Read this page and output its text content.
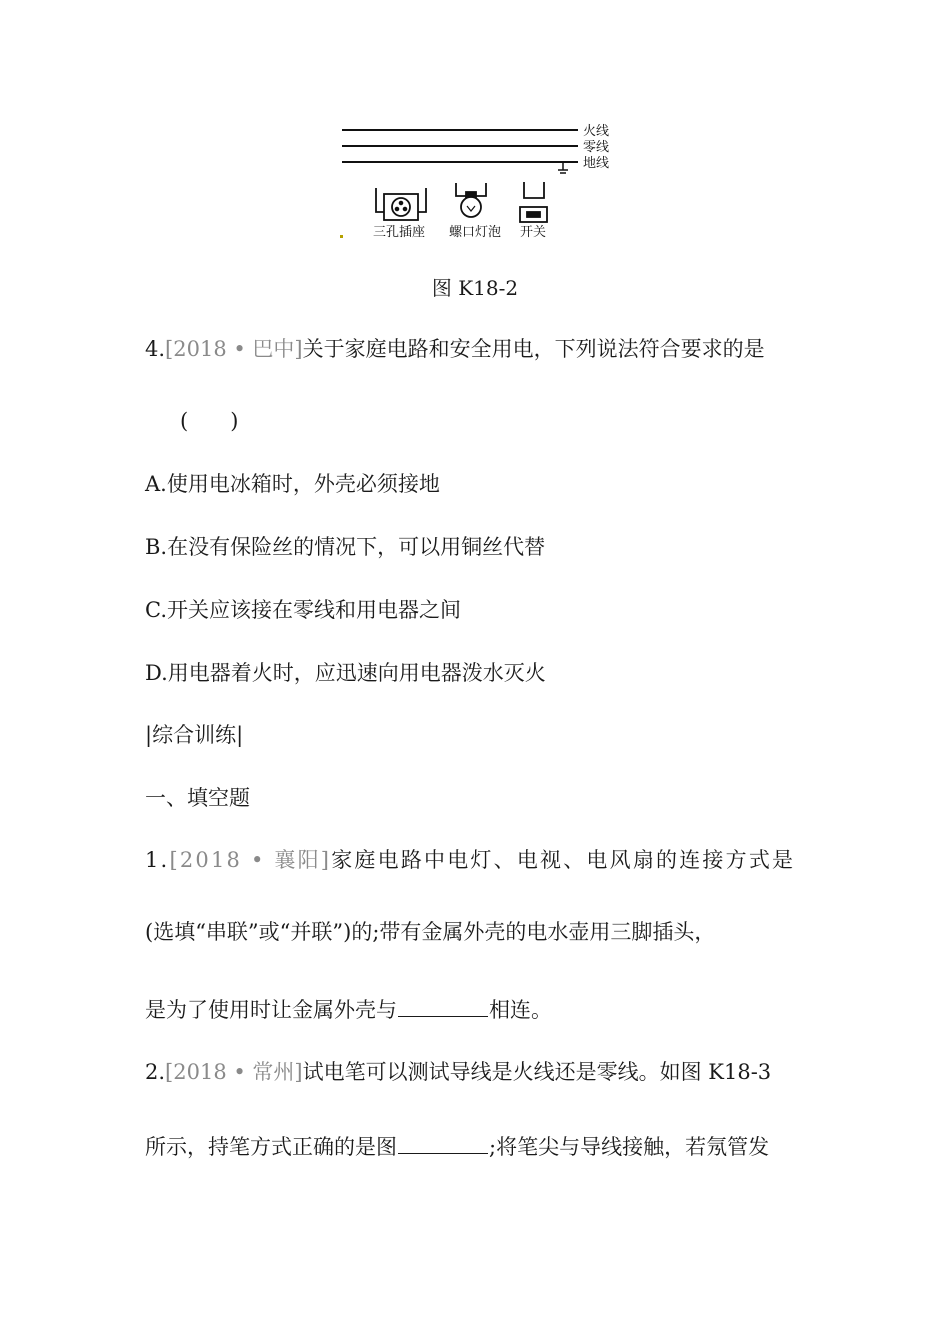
火线
零线
地线
三孔插座 螺口灯泡 开关
图 K18-2
4.[2018 • 巴中]关于家庭电路和安全用电，下列说法符合要求的是
(　　)
A.使用电冰箱时，外壳必须接地
B.在没有保险丝的情况下，可以用铜丝代替
C.开关应该接在零线和用电器之间
D.用电器着火时，应迅速向用电器泼水灭火
|综合训练|
一、填空题
1.[2018 • 襄阳]家庭电路中电灯、电视、电风扇的连接方式是
(选填“串联”或“并联”)的;带有金属外壳的电水壶用三脚插头，
是为了使用时让金属外壳与	相连。
2.[2018 • 常州]试电笔可以测试导线是火线还是零线。如图 K18-3
所示，持笔方式正确的是图	;将笔尖与导线接触，若氖管发
